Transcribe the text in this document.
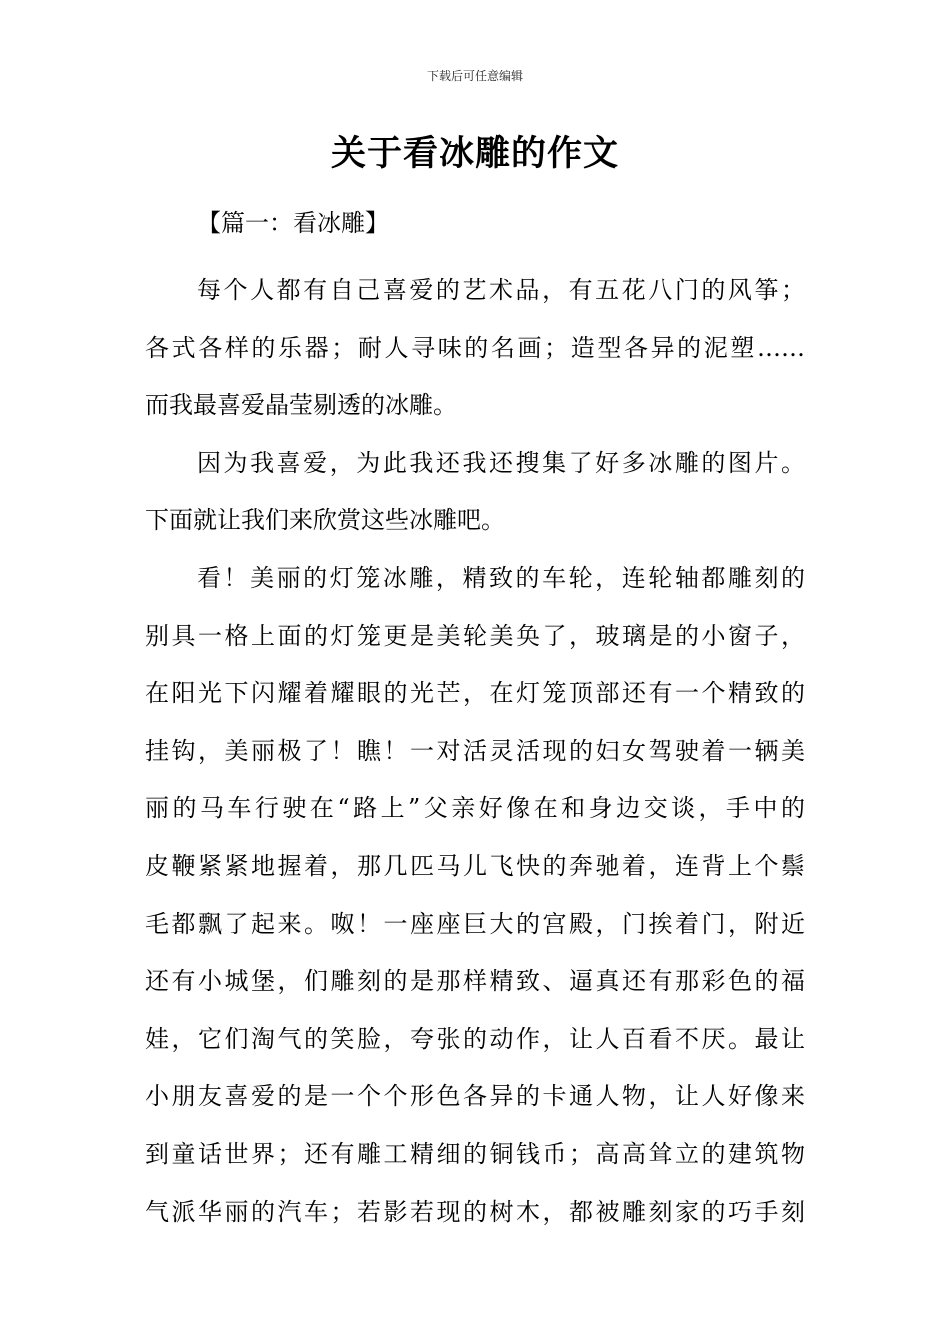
下载后可任意编辑
关于看冰雕的作文
【篇一：看冰雕】
每个人都有自己喜爱的艺术品，有五花八门的风筝；
各式各样的乐器；耐人寻味的名画；造型各异的泥塑……
而我最喜爱晶莹剔透的冰雕。
因为我喜爱，为此我还我还搜集了好多冰雕的图片。
下面就让我们来欣赏这些冰雕吧。
看！美丽的灯笼冰雕，精致的车轮，连轮轴都雕刻的
别具一格上面的灯笼更是美轮美奂了，玻璃是的小窗子，
在阳光下闪耀着耀眼的光芒，在灯笼顶部还有一个精致的
挂钩，美丽极了！瞧！一对活灵活现的妇女驾驶着一辆美
丽的马车行驶在“路上”父亲好像在和身边交谈，手中的
皮鞭紧紧地握着，那几匹马儿飞快的奔驰着，连背上个鬃
毛都飘了起来。呶！一座座巨大的宫殿，门挨着门，附近
还有小城堡，们雕刻的是那样精致、逼真还有那彩色的福
娃，它们淘气的笑脸，夸张的动作，让人百看不厌。最让
小朋友喜爱的是一个个形色各异的卡通人物，让人好像来
到童话世界；还有雕工精细的铜钱币；高高耸立的建筑物
气派华丽的汽车；若影若现的树木，都被雕刻家的巧手刻
